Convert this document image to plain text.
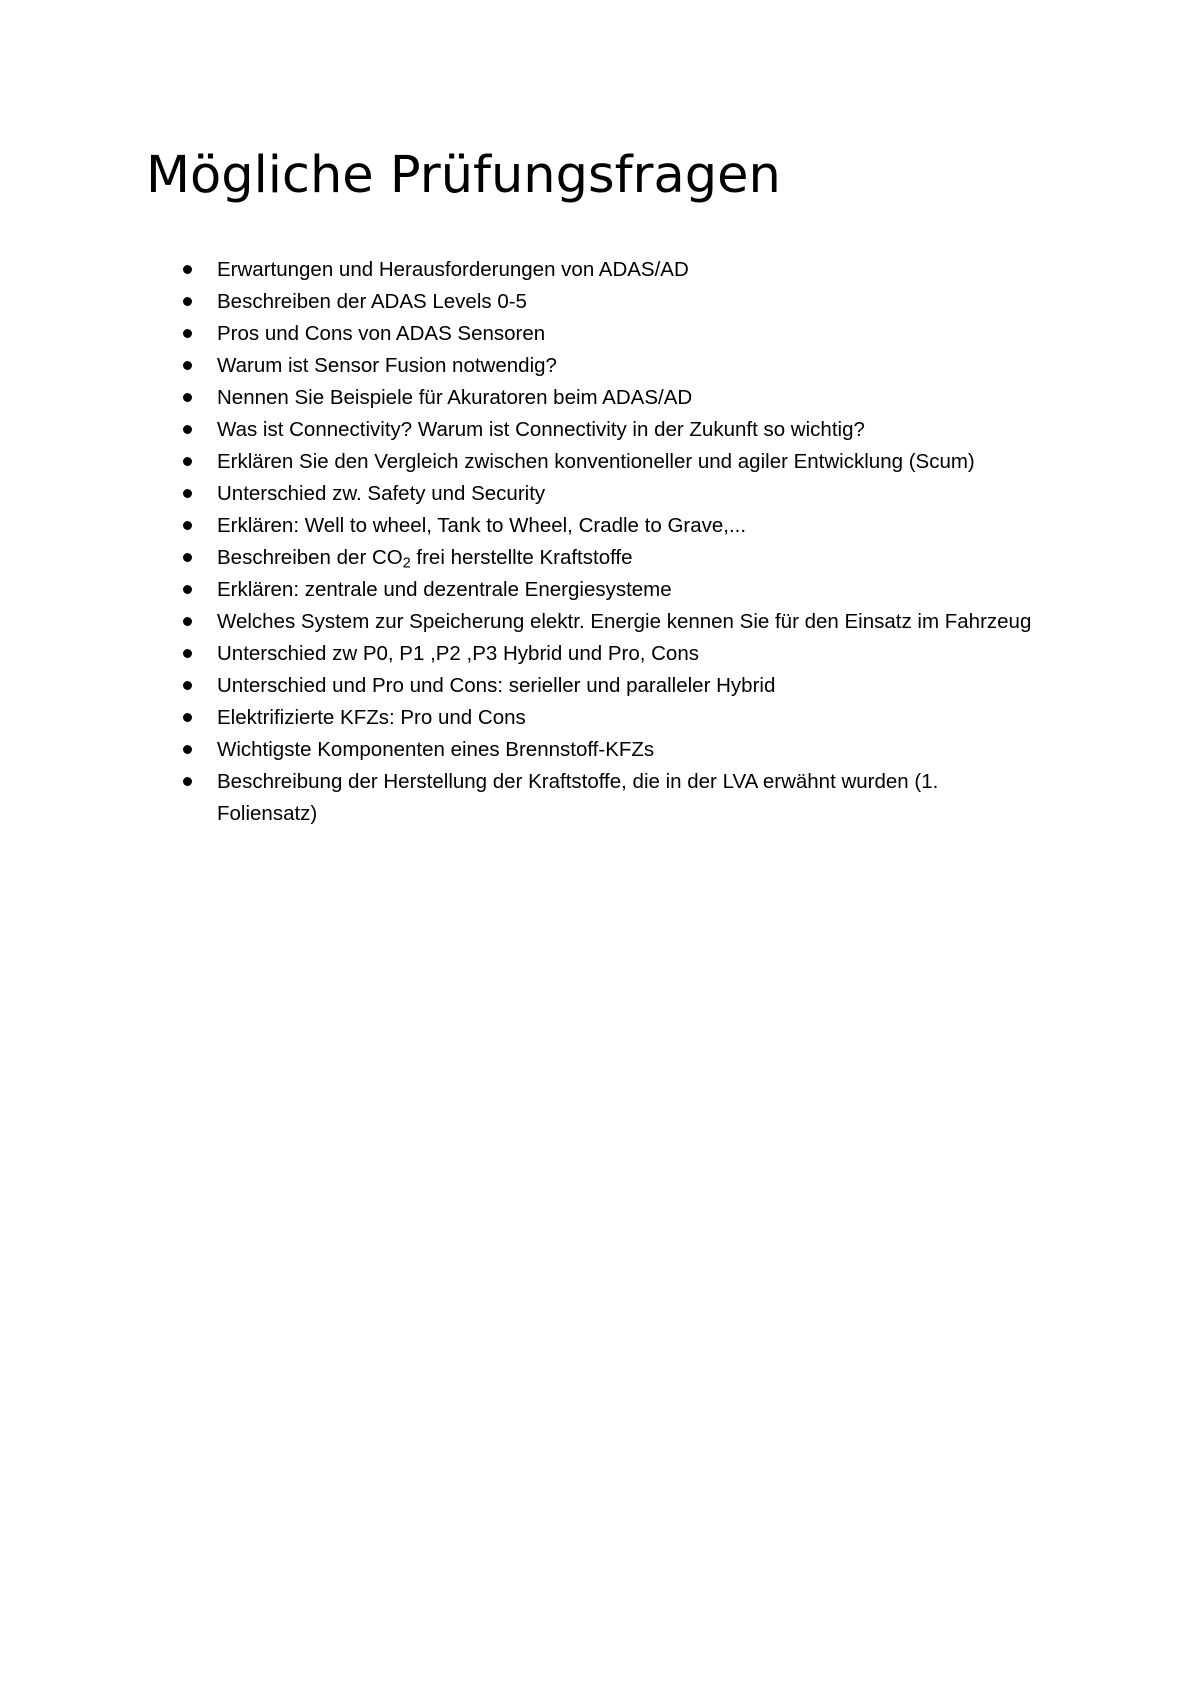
Mögliche Prüfungsfragen
Erwartungen und Herausforderungen von ADAS/AD
Beschreiben der ADAS Levels 0-5
Pros und Cons von ADAS Sensoren
Warum ist Sensor Fusion notwendig?
Nennen Sie Beispiele für Akuratoren beim ADAS/AD
Was ist Connectivity? Warum ist Connectivity in der Zukunft so wichtig?
Erklären Sie den Vergleich zwischen konventioneller und agiler Entwicklung (Scum)
Unterschied zw. Safety und Security
Erklären: Well to wheel, Tank to Wheel, Cradle to Grave,...
Beschreiben der $CO_2$ frei herstellte Kraftstoffe
Erklären: zentrale und dezentrale Energiesysteme
Welches System zur Speicherung elektr. Energie kennen Sie für den Einsatz im Fahrzeug
Unterschied zw P0, P1 ,P2 ,P3 Hybrid und Pro, Cons
Unterschied und Pro und Cons: serieller und paralleler Hybrid
Elektrifizierte KFZs: Pro und Cons
Wichtigste Komponenten eines Brennstoff-KFZs
Beschreibung der Herstellung der Kraftstoffe, die in der LVA erwähnt wurden (1. Foliensatz)
